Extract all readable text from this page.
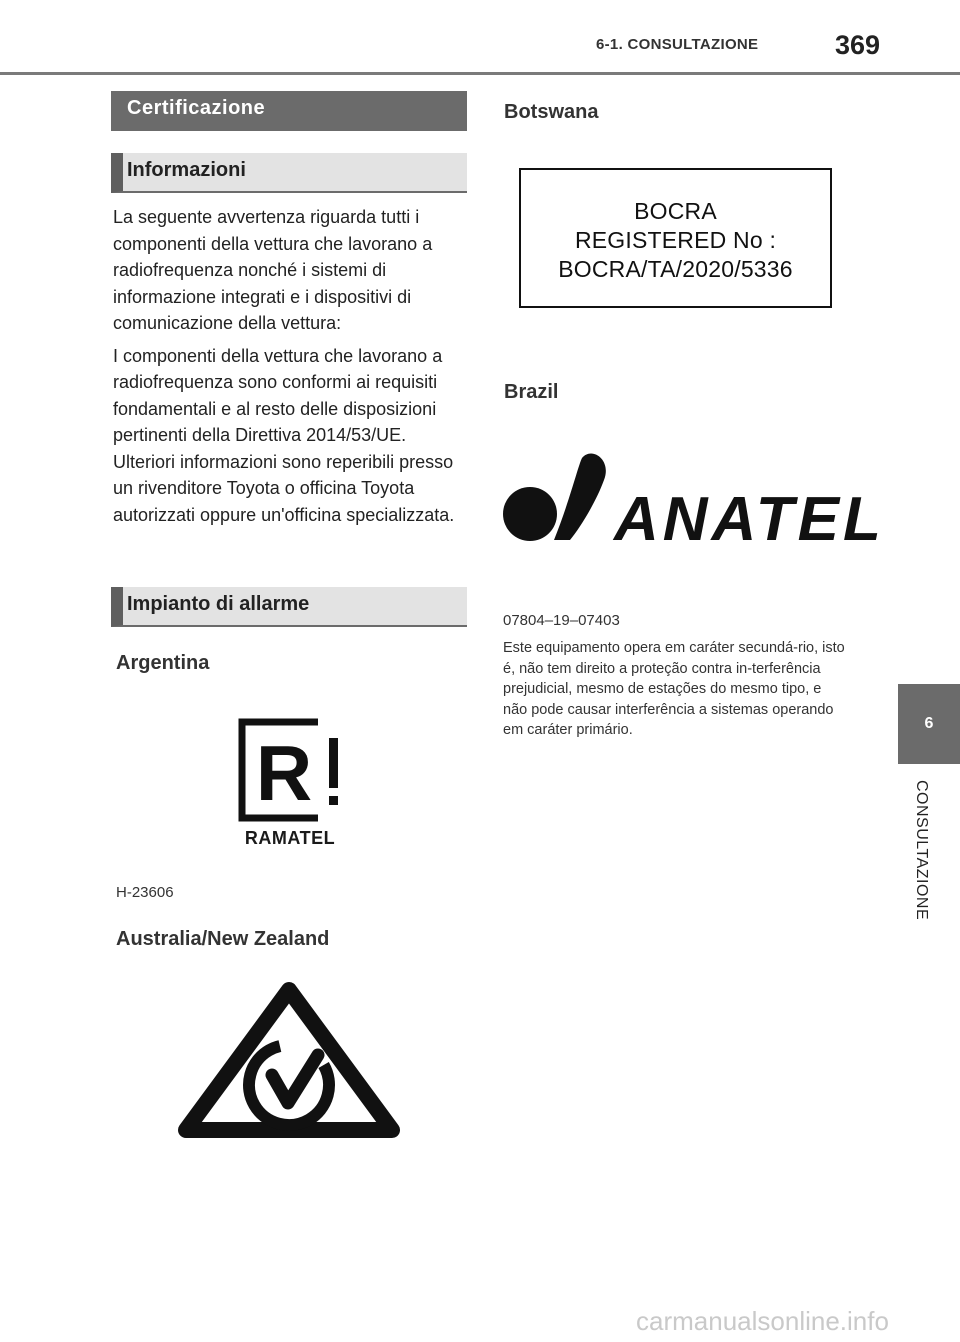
6-1. CONSULTAZIONE	369
Certificazione
Informazioni

La seguente avvertenza riguarda tutti i componenti della vettura che lavorano a radiofrequenza nonché i sistemi di informazione integrati e i dispositivi di comunicazione della vettura:

I componenti della vettura che lavorano a radiofrequenza sono conformi ai requisiti fondamentali e al resto delle disposizioni pertinenti della Direttiva 2014/53/UE. Ulteriori informazioni sono reperibili presso un rivenditore Toyota o officina Toyota autorizzati oppure un'officina specializzata.

Impianto di allarme
Argentina
R
RAMATEL
H-23606
Australia/New Zealand
Botswana
BOCRA
REGISTERED No :
BOCRA/TA/2020/5336
Brazil
ANATEL
07804–19–07403
Este equipamento opera em caráter secundá-rio, isto é, não tem direito a proteção contra in-terferência prejudicial, mesmo de estações do mesmo tipo, e não pode causar interferência a sistemas operando em caráter primário.	6
CONSULTAZIONE
carmanualsonline.info
